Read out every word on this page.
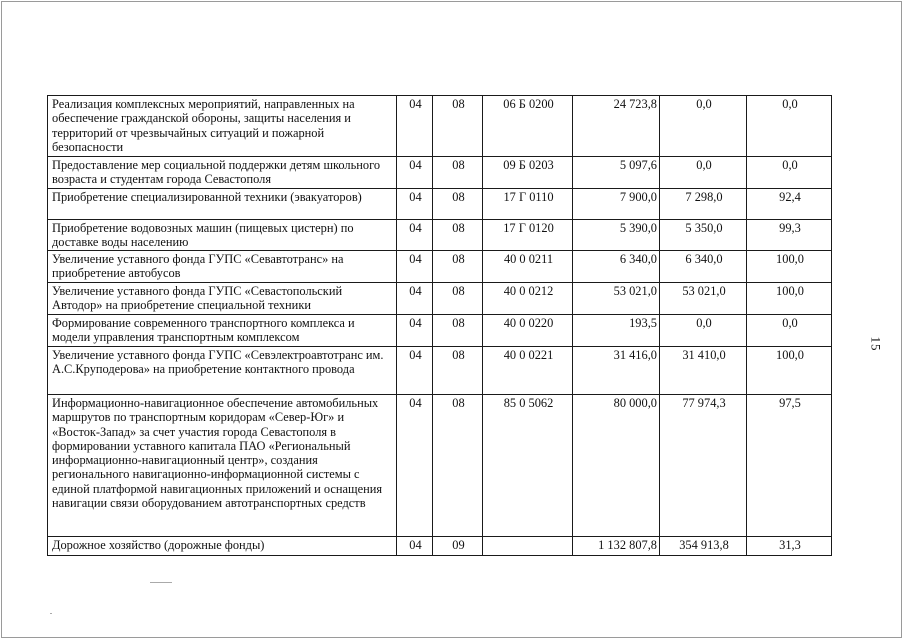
Реализация комплексных мероприятий, направленных на обеспечение гражданской обороны, защиты населения и территорий от чрезвычайных ситуаций и пожарной безопасности	04	08	06 Б 0200	24 723,8	0,0	0,0
Предоставление мер социальной поддержки детям школьного возраста и студентам города Севастополя	04	08	09 Б 0203	5 097,6	0,0	0,0
Приобретение специализированной техники (эвакуаторов)	04	08	17 Г 0110	7 900,0	7 298,0	92,4
Приобретение водовозных машин (пищевых цистерн) по доставке воды населению	04	08	17 Г 0120	5 390,0	5 350,0	99,3
Увеличение уставного фонда ГУПС «Севавтотранс» на приобретение автобусов	04	08	40 0 0211	6 340,0	6 340,0	100,0
Увеличение уставного фонда ГУПС «Севастопольский Автодор» на приобретение специальной техники	04	08	40 0 0212	53 021,0	53 021,0	100,0
Формирование современного транспортного комплекса и модели управления транспортным комплексом	04	08	40 0 0220	193,5	0,0	0,0
Увеличение уставного фонда ГУПС «Севэлектроавтотранс им. А.С.Круподерова» на приобретение контактного провода	04	08	40 0 0221	31 416,0	31 410,0	100,0
Информационно-навигационное обеспечение автомобильных маршрутов по транспортным коридорам «Север-Юг» и «Восток-Запад» за счет участия города Севастополя в формировании уставного капитала ПАО «Региональный информационно-навигационный центр», создания регионального навигационно-информационной системы с единой платформой навигационных приложений и оснащения навигации связи оборудованием автотранспортных средств	04	08	85 0 5062	80 000,0	77 974,3	97,5
Дорожное хозяйство (дорожные фонды)	04	09		1 132 807,8	354 913,8	31,3
15
